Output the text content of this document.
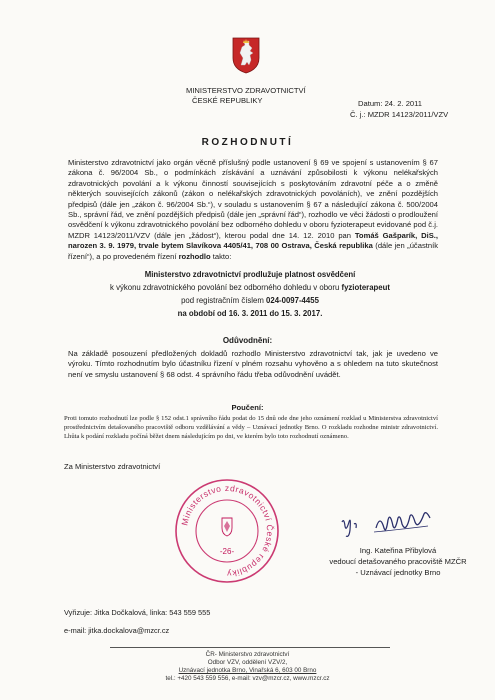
MINISTERSTVO ZDRAVOTNICTVÍ
ČESKÉ REPUBLIKY	Datum: 24. 2. 2011
Č. j.: MZDR 14123/2011/VZV
ROZHODNUTÍ
Ministerstvo zdravotnictví jako orgán věcně příslušný podle ustanovení § 69 ve spojení s ustanovením § 67 zákona č. 96/2004 Sb., o podmínkách získávání a uznávání způsobilosti k výkonu nelékařských zdravotnických povolání a k výkonu činností souvisejících s poskytováním zdravotní péče a o změně některých souvisejících zákonů (zákon o nelékařských zdravotnických povoláních), ve znění pozdějších předpisů (dále jen „zákon č. 96/2004 Sb.“), v souladu s ustanovením § 67 a následující zákona č. 500/2004 Sb., správní řád, ve znění pozdějších předpisů (dále jen „správní řád“), rozhodlo ve věci žádosti o prodloužení osvědčení k výkonu zdravotnického povolání bez odborného dohledu v oboru fyzioterapeut evidované pod č.j. MZDR 14123/2011/VZV (dále jen „žádost“), kterou podal dne 14. 12. 2010 pan Tomáš Gašparík, DiS., narozen 3. 9. 1979, trvale bytem Slavíkova 4405/41, 708 00 Ostrava, Česká republika (dále jen „účastník řízení“), a po provedeném řízení rozhodlo takto:
Ministerstvo zdravotnictví prodlužuje platnost osvědčení
k výkonu zdravotnického povolání bez odborného dohledu v oboru fyzioterapeut
pod registračním číslem 024-0097-4455
na období od 16. 3. 2011 do 15. 3. 2017.
Odůvodnění:
Na základě posouzení předložených dokladů rozhodlo Ministerstvo zdravotnictví tak, jak je uvedeno ve výroku. Tímto rozhodnutím bylo účastníku řízení v plném rozsahu vyhověno a s ohledem na tuto skutečnost není ve smyslu ustanovení § 68 odst. 4 správního řádu třeba odůvodnění uvádět.
Poučení:
Proti tomuto rozhodnutí lze podle § 152 odst.1 správního řádu podat do 15 dnů ode dne jeho oznámení rozklad u Ministerstva zdravotnictví prostřednictvím detašovaného pracoviště odboru vzdělávání a vědy – Uznávací jednotky Brno. O rozkladu rozhodne ministr zdravotnictví. Lhůta k podání rozkladu počíná běžet dnem následujícím po dni, ve kterém bylo toto rozhodnutí oznámeno.
Za Ministerstvo zdravotnictví
Ministerstvo zdravotnictví České republiky
-26-	Ing. Kateřina Přibylová
vedoucí detašovaného pracoviště MZČR
- Uznávací jednotky Brno
Vyřizuje: Jitka Dočkalová, linka: 543 559 555
e-mail: jitka.dockalova@mzcr.cz
ČR- Ministerstvo zdravotnictví
Odbor VZV, oddělení VZV/2,
Uznávací jednotka Brno, Vinařská 6, 603 00 Brno
tel.: +420 543 559 556, e-mail: vzv@mzcr.cz, www.mzcr.cz
